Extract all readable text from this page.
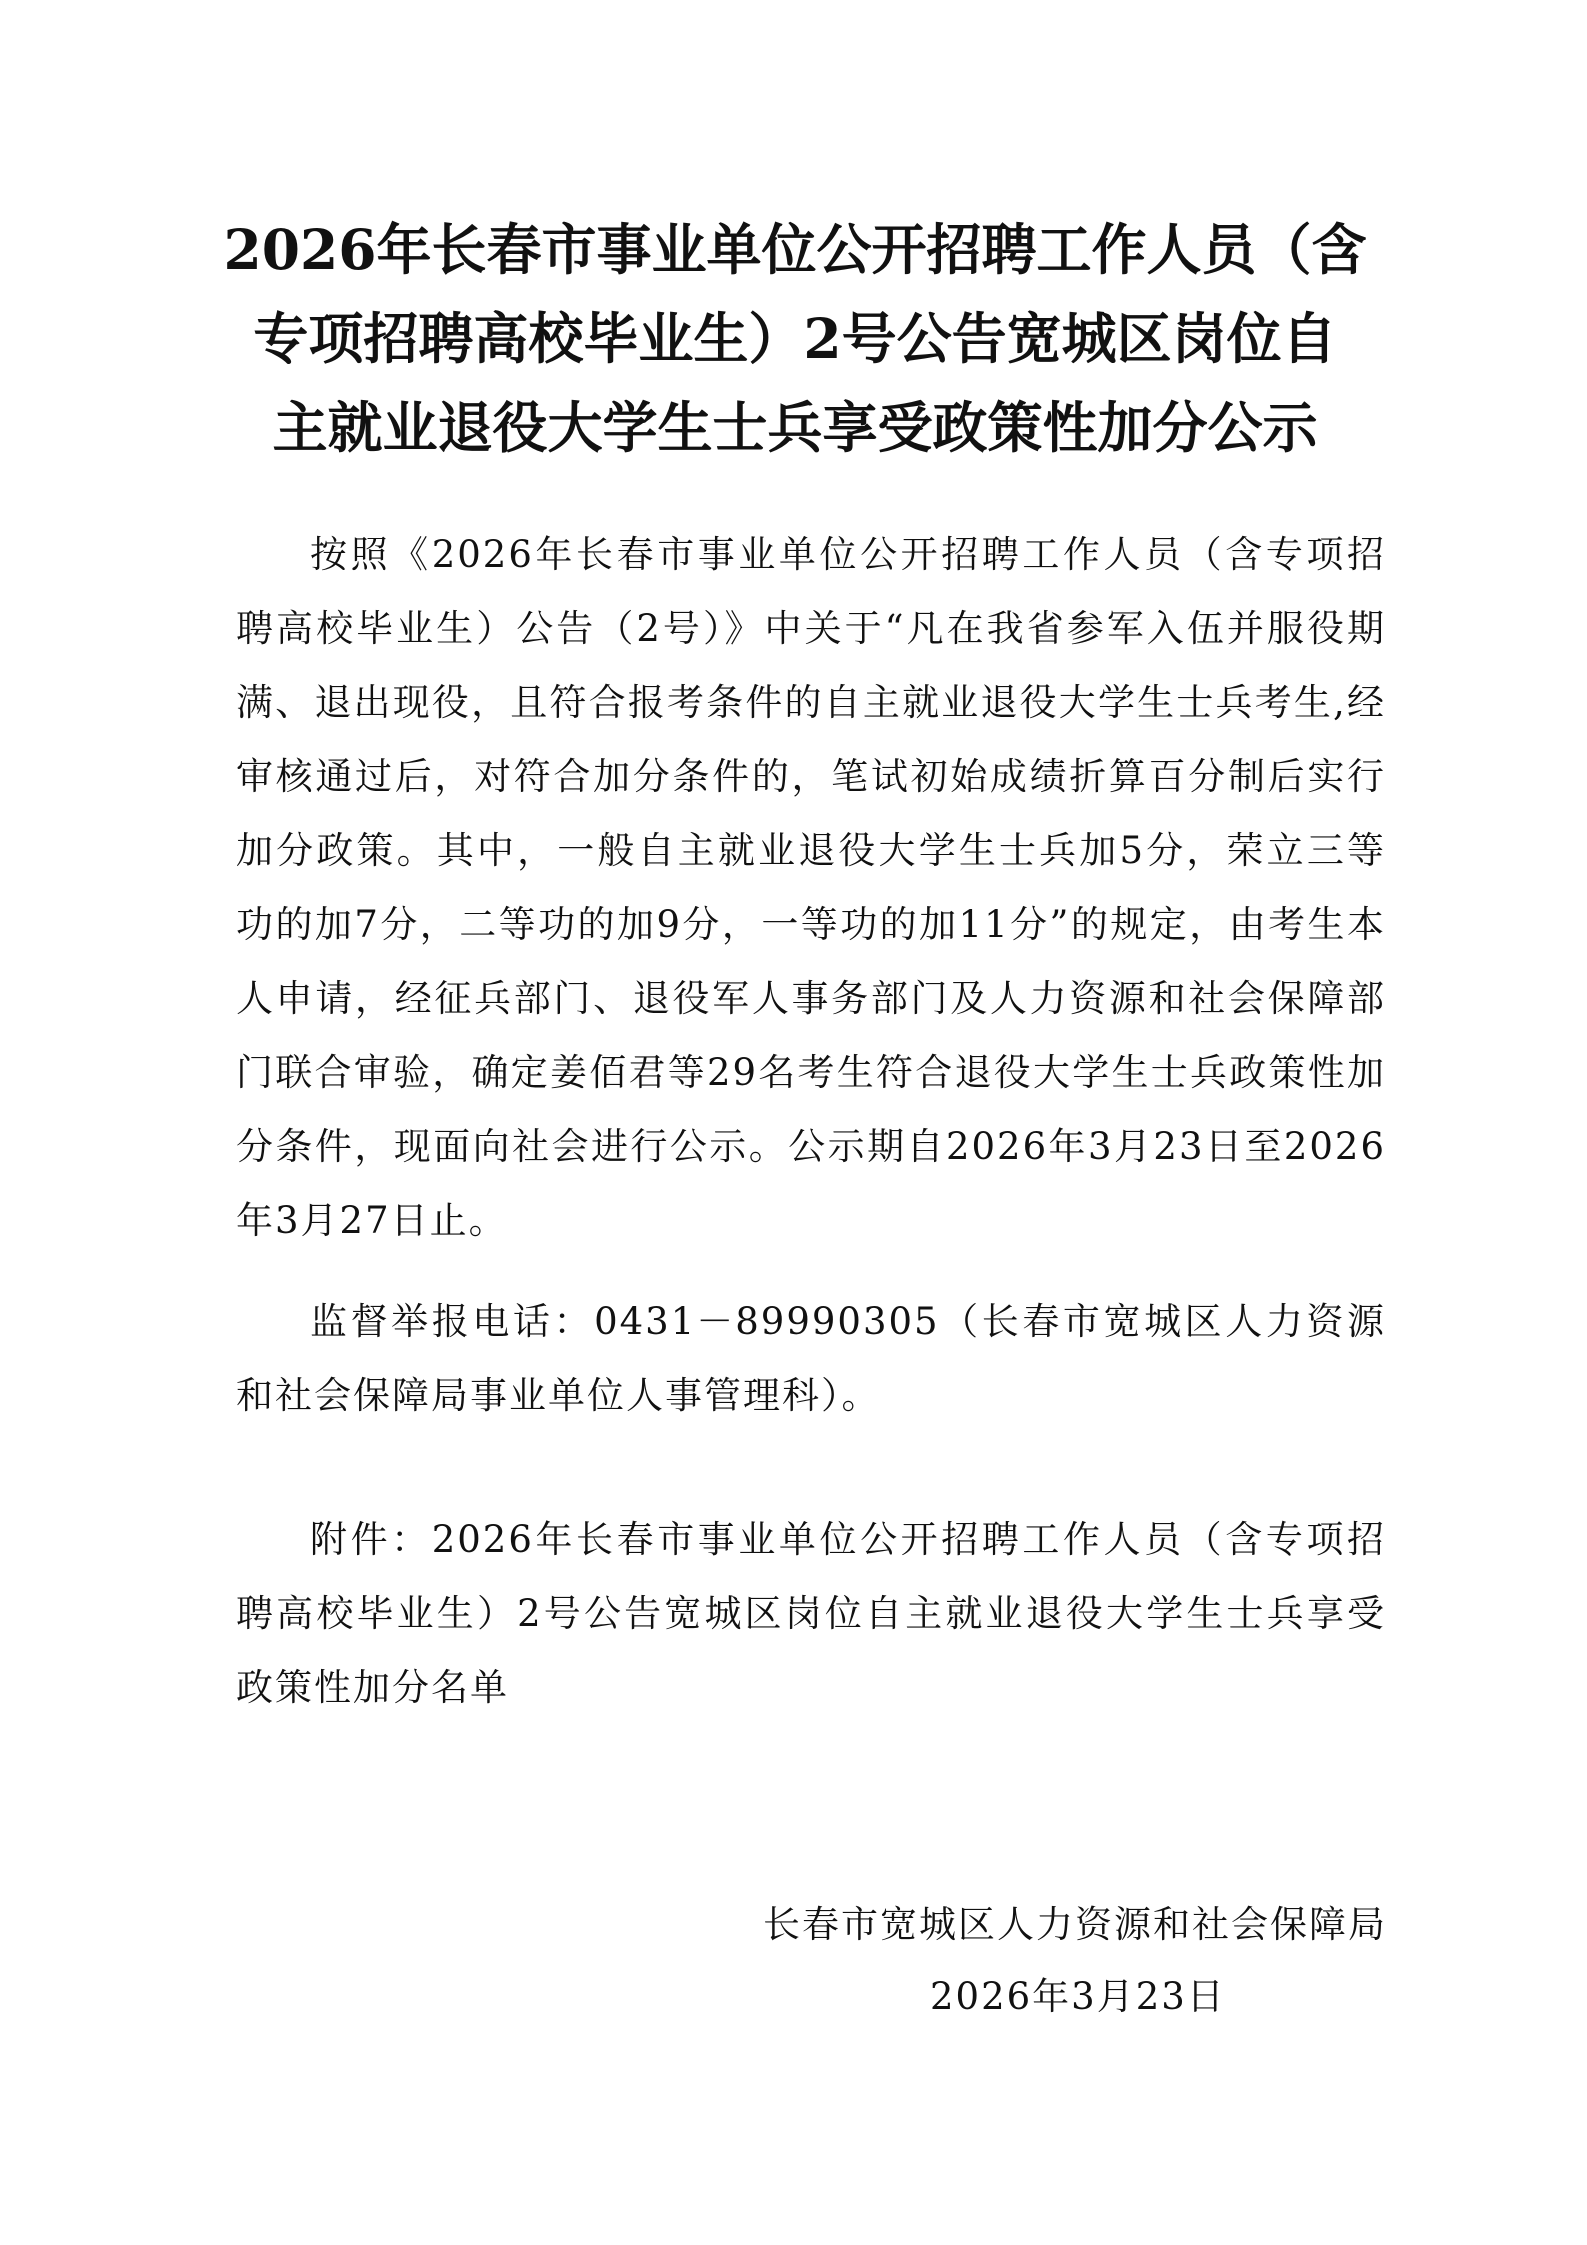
2026年长春市事业单位公开招聘工作人员（含
专项招聘高校毕业生）2号公告宽城区岗位自
主就业退役大学生士兵享受政策性加分公示

按照《2026年长春市事业单位公开招聘工作人员（含专项招聘高校毕业生）公告（2号）》中关于“凡在我省参军入伍并服役期满、退出现役，且符合报考条件的自主就业退役大学生士兵考生,经审核通过后，对符合加分条件的，笔试初始成绩折算百分制后实行加分政策。其中，一般自主就业退役大学生士兵加5分，荣立三等功的加7分，二等功的加9分，一等功的加11分”的规定，由考生本人申请，经征兵部门、退役军人事务部门及人力资源和社会保障部门联合审验，确定姜佰君等29名考生符合退役大学生士兵政策性加分条件，现面向社会进行公示。公示期自2026年3月23日至2026年3月27日止。

监督举报电话：0431－89990305（长春市宽城区人力资源和社会保障局事业单位人事管理科）。

附件：2026年长春市事业单位公开招聘工作人员（含专项招聘高校毕业生）2号公告宽城区岗位自主就业退役大学生士兵享受政策性加分名单

长春市宽城区人力资源和社会保障局
2026年3月23日
